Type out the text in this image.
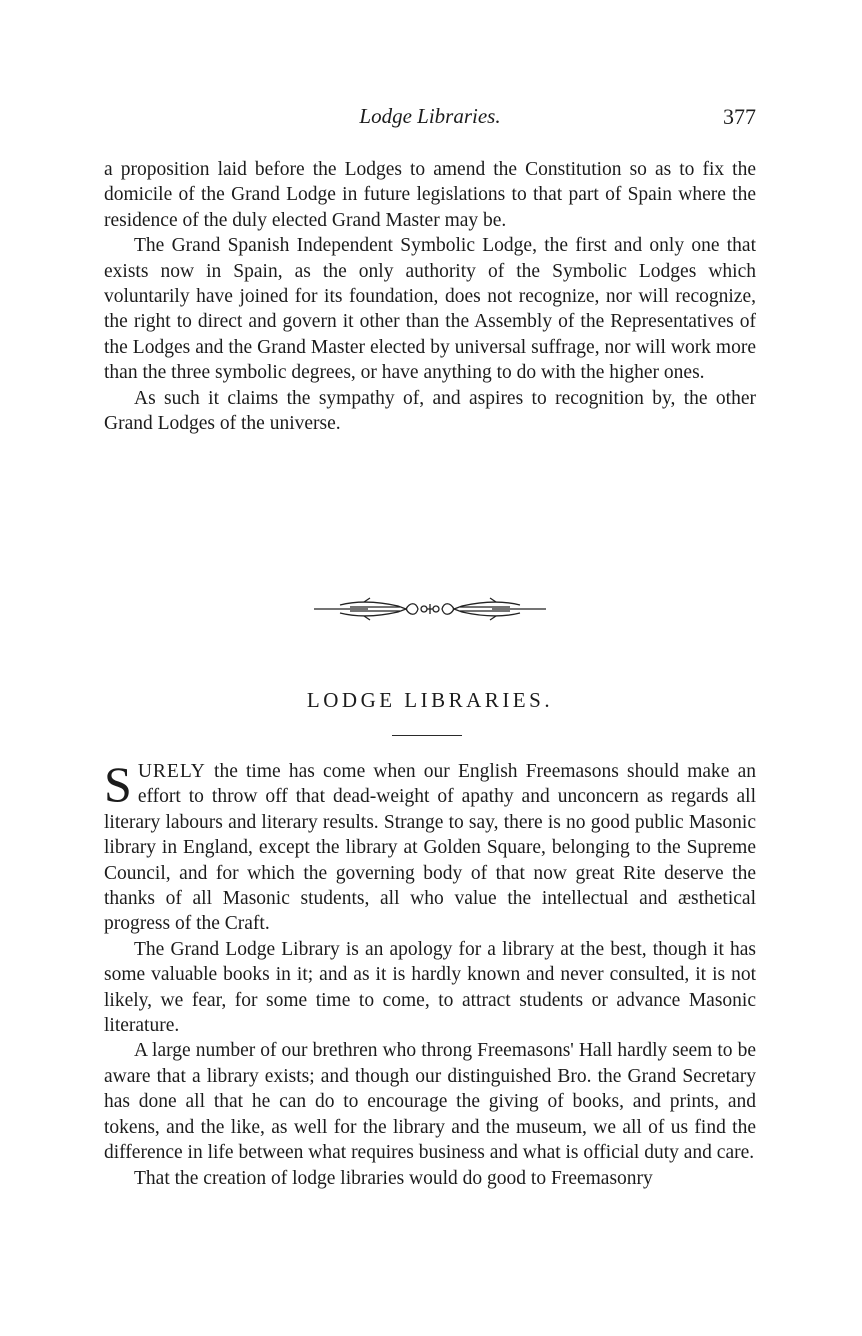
Lodge Libraries.	377

a proposition laid before the Lodges to amend the Constitution so as to fix the domicile of the Grand Lodge in future legislations to that part of Spain where the residence of the duly elected Grand Master may be.

The Grand Spanish Independent Symbolic Lodge, the first and only one that exists now in Spain, as the only authority of the Symbolic Lodges which voluntarily have joined for its foundation, does not recognize, nor will recognize, the right to direct and govern it other than the Assembly of the Representatives of the Lodges and the Grand Master elected by universal suffrage, nor will work more than the three symbolic degrees, or have anything to do with the higher ones.

As such it claims the sympathy of, and aspires to recognition by, the other Grand Lodges of the universe.

LODGE LIBRARIES.

SURELY the time has come when our English Freemasons should make an effort to throw off that dead-weight of apathy and unconcern as regards all literary labours and literary results. Strange to say, there is no good public Masonic library in England, except the library at Golden Square, belonging to the Supreme Council, and for which the governing body of that now great Rite deserve the thanks of all Masonic students, all who value the intellectual and æsthetical progress of the Craft.

The Grand Lodge Library is an apology for a library at the best, though it has some valuable books in it; and as it is hardly known and never consulted, it is not likely, we fear, for some time to come, to attract students or advance Masonic literature.

A large number of our brethren who throng Freemasons' Hall hardly seem to be aware that a library exists; and though our distinguished Bro. the Grand Secretary has done all that he can do to encourage the giving of books, and prints, and tokens, and the like, as well for the library and the museum, we all of us find the difference in life between what requires business and what is official duty and care.

That the creation of lodge libraries would do good to Freemasonry
